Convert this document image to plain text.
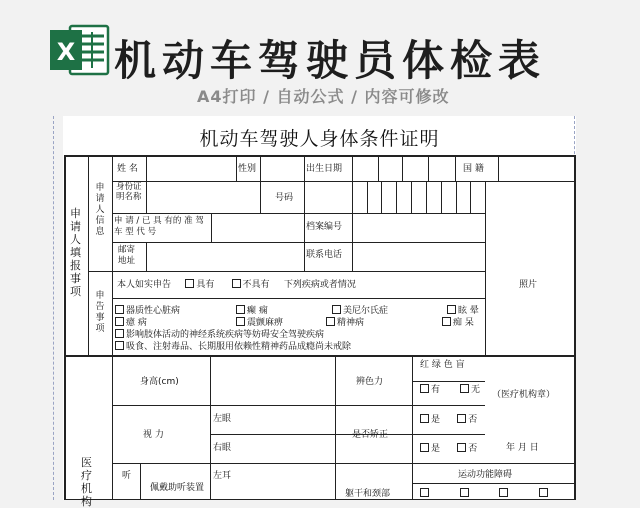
X 机动车驾驶员体检表
A4打印 / 自动公式 / 内容可修改
机动车驾驶人身体条件证明
申请人填报事项
申请人信息
申告事项
医疗机构
姓 名	性别	出生日期	国 籍
身份证明名称	号码
申 请 / 已 具 有的 准 驾 车 型 代 号	档案编号
邮寄地址
联系电话
照片
本人如实申告	具有	不具有 下列疾病或者情况
器质性心脏病	癫 痫	美尼尔氏症	眩 晕
癔 病	震颤麻痹	精神病	痴 呆
影响肢体活动的神经系统疾病等妨碍安全驾驶疾病
吸食、注射毒品、长期服用依赖性精神药品成瘾尚未戒除
身高(cm)	辨色力
红 绿 色 盲
有	无 （医疗机构章）
视 力
左眼
右眼
是否矫正
是	否
是	否	年 月 日
听
佩戴助听装置
左耳
躯干和颈部
运动功能障碍
